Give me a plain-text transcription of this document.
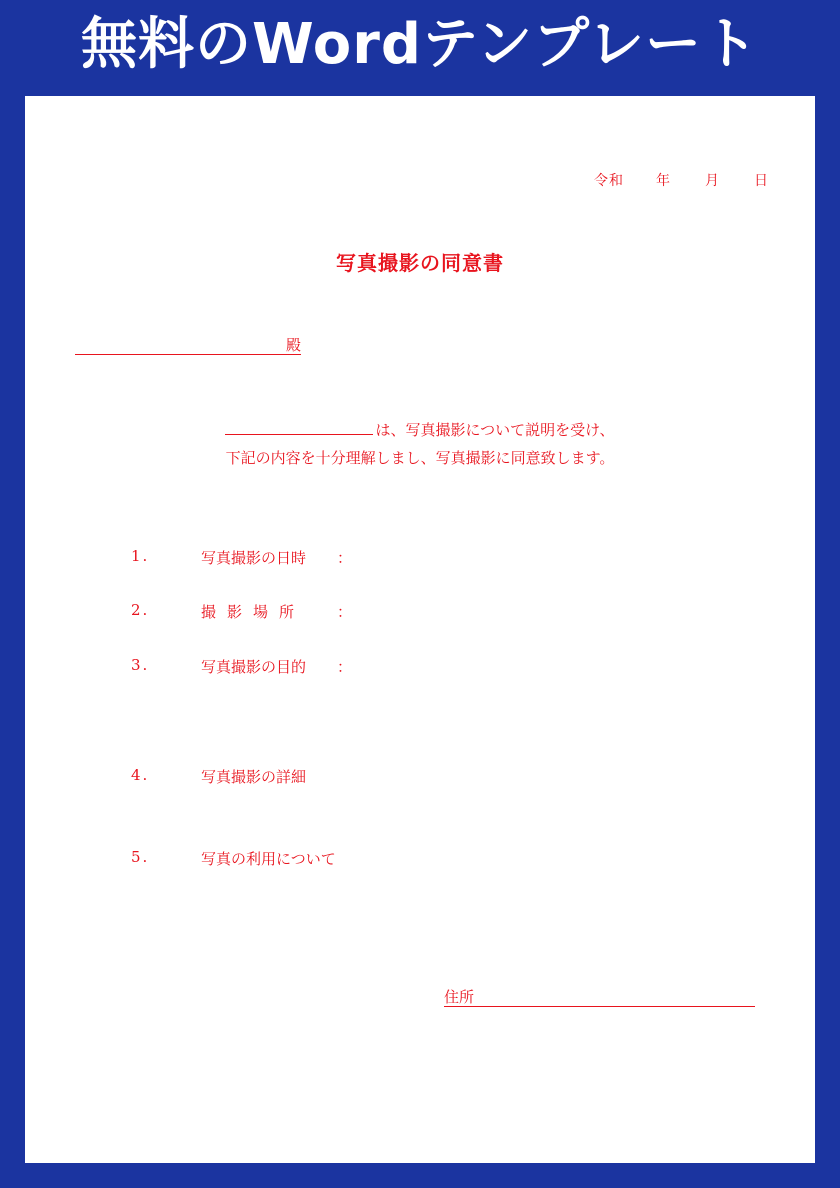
無料のWordテンプレート
令和 年 月 日
写真撮影の同意書
殿
は、写真撮影について説明を受け、
下記の内容を十分理解しまし、写真撮影に同意致します。
1.	写真撮影の日時 ：
2.	撮影場所 ：
3.	写真撮影の目的 ：
4.	写真撮影の詳細
5.	写真の利用について
住所
